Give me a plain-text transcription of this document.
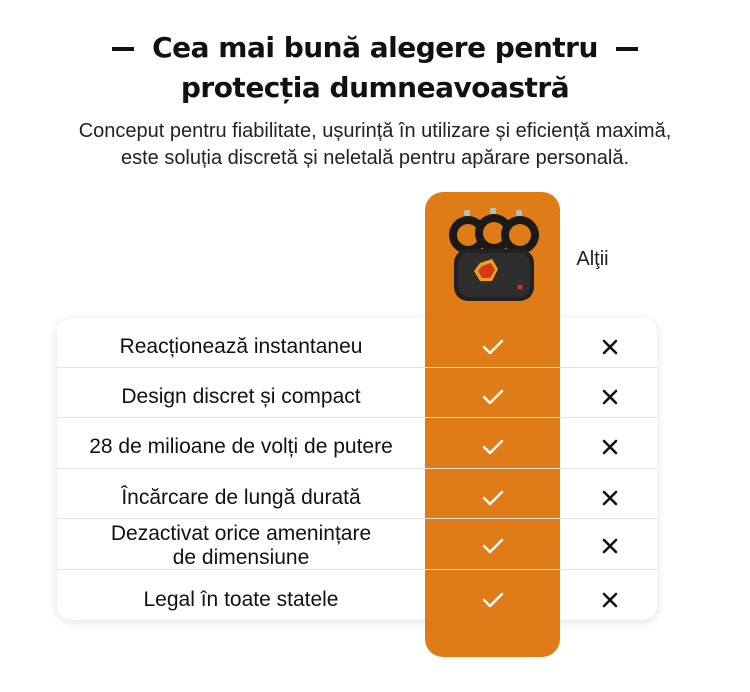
Cea mai bună alegere pentru
protecția dumneavoastră
Conceput pentru fiabilitate, ușurință în utilizare și eficiență maximă, este soluția discretă și neletală pentru apărare personală.
Alţii
Reacționează instantaneu
Design discret și compact
28 de milioane de volți de putere
Încărcare de lungă durată
Dezactivat orice amenințare de dimensiune
Legal în toate statele
